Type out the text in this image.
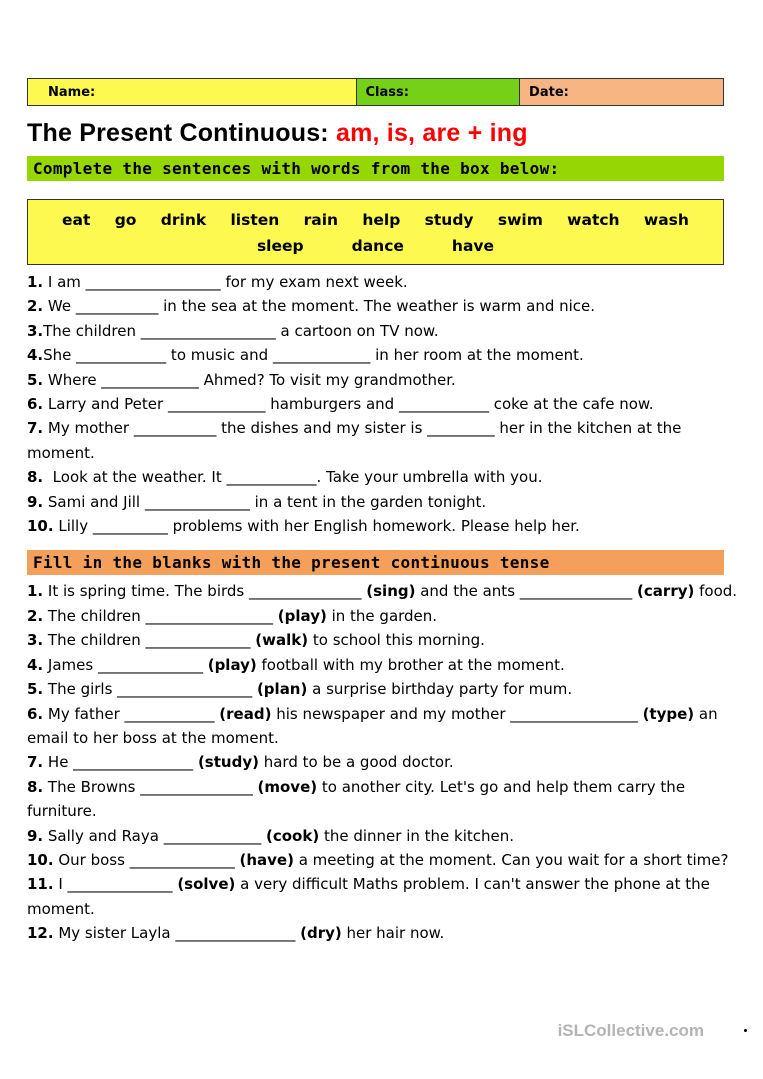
Name:	Class:	Date:
The Present Continuous: am, is, are + ing
Complete the sentences with words from the box below:
eat go drink listen rain help study swim watch wash
sleep	dance	have
1. I am __________________ for my exam next week.
2. We ___________ in the sea at the moment. The weather is warm and nice.
3.The children __________________ a cartoon on TV now.
4.She ____________ to music and _____________ in her room at the moment.
5. Where _____________ Ahmed? To visit my grandmother.
6. Larry and Peter _____________ hamburgers and ____________ coke at the cafe now.
7. My mother ___________ the dishes and my sister is _________ her in the kitchen at the moment.
8.  Look at the weather. It ____________. Take your umbrella with you.
9. Sami and Jill ______________ in a tent in the garden tonight.
10. Lilly __________ problems with her English homework. Please help her.
Fill in the blanks with the present continuous tense
1. It is spring time. The birds _______________ (sing) and the ants _______________ (carry) food.
2. The children _________________ (play) in the garden.
3. The children ______________ (walk) to school this morning.
4. James ______________ (play) football with my brother at the moment.
5. The girls __________________ (plan) a surprise birthday party for mum.
6. My father ____________ (read) his newspaper and my mother _________________ (type) an email to her boss at the moment.
7. He ________________ (study) hard to be a good doctor.
8. The Browns _______________ (move) to another city. Let's go and help them carry the furniture.
9. Sally and Raya _____________ (cook) the dinner in the kitchen.
10. Our boss ______________ (have) a meeting at the moment. Can you wait for a short time?
11. I ______________ (solve) a very difficult Maths problem. I can't answer the phone at the moment.
12. My sister Layla ________________ (dry) her hair now.
iSLCollective.com
